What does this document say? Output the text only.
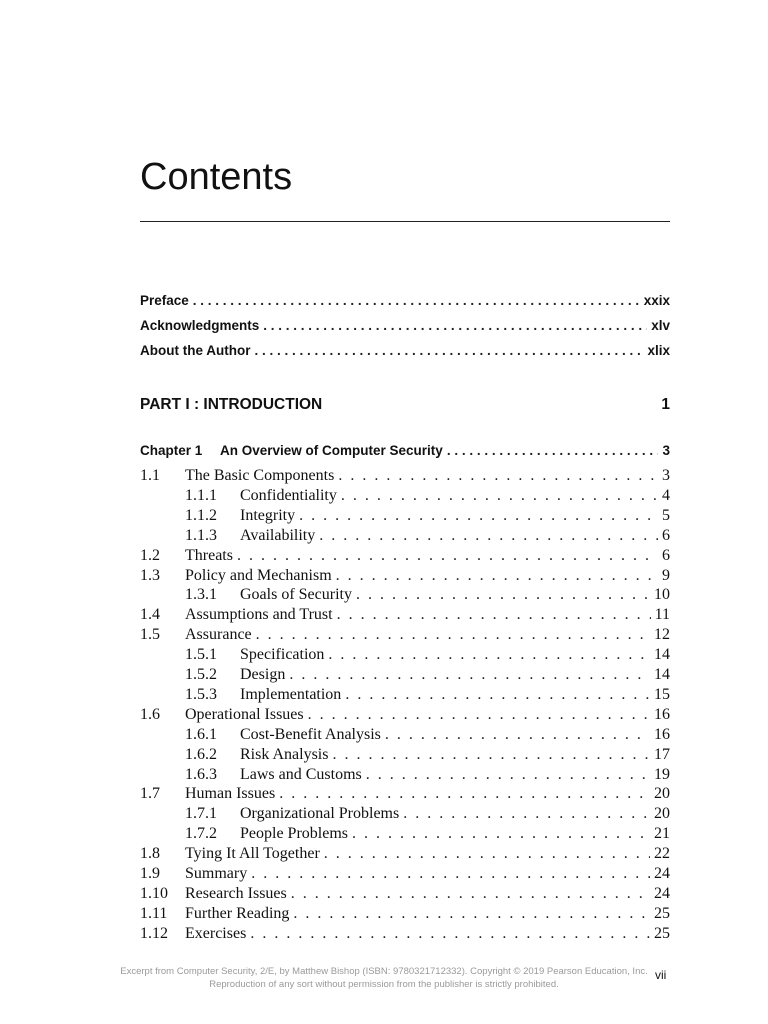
Contents
Preface . . .	xxix
Acknowledgments . . .	xlv
About the Author . . .	xlix
PART I : INTRODUCTION	1
Chapter 1	An Overview of Computer Security . . .	3
1.1	The Basic Components . . .	3
1.1.1	Confidentiality . . .	4
1.1.2	Integrity . . .	5
1.1.3	Availability . . .	6
1.2	Threats . . .	6
1.3	Policy and Mechanism . . .	9
1.3.1	Goals of Security . . .	10
1.4	Assumptions and Trust . . .	11
1.5	Assurance . . .	12
1.5.1	Specification . . .	14
1.5.2	Design . . .	14
1.5.3	Implementation . . .	15
1.6	Operational Issues . . .	16
1.6.1	Cost-Benefit Analysis . . .	16
1.6.2	Risk Analysis . . .	17
1.6.3	Laws and Customs . . .	19
1.7	Human Issues . . .	20
1.7.1	Organizational Problems . . .	20
1.7.2	People Problems . . .	21
1.8	Tying It All Together . . .	22
1.9	Summary . . .	24
1.10	Research Issues . . .	24
1.11	Further Reading . . .	25
1.12	Exercises . . .	25
Excerpt from Computer Security, 2/E, by Matthew Bishop (ISBN: 9780321712332). Copyright © 2019 Pearson Education, Inc.
Reproduction of any sort without permission from the publisher is strictly prohibited.
vii
